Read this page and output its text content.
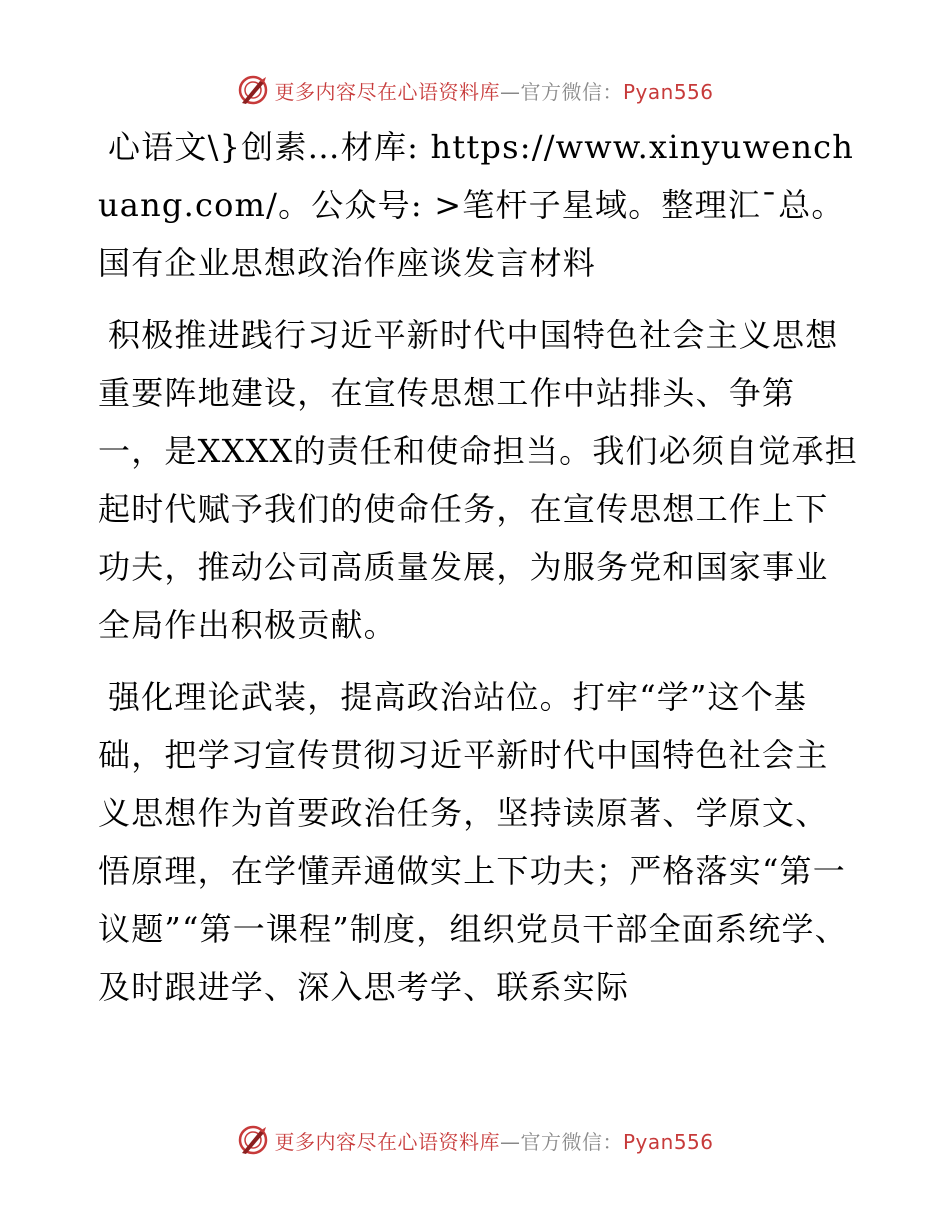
更多内容尽在心语资料库—官方微信：Pyan556

心语文\}创素…材库: https://www.xinyuwenchuang.com/。公众号: >笔杆子星域。整理汇¯总。国有企业思想政治作座谈发言材料

积极推进践行习近平新时代中国特色社会主义思想重要阵地建设，在宣传思想工作中站排头、争第一，是XXXX的责任和使命担当。我们必须自觉承担起时代赋予我们的使命任务，在宣传思想工作上下功夫，推动公司高质量发展，为服务党和国家事业全局作出积极贡献。

强化理论武装，提高政治站位。打牢“学”这个基础，把学习宣传贯彻习近平新时代中国特色社会主义思想作为首要政治任务，坚持读原著、学原文、悟原理，在学懂弄通做实上下功夫；严格落实“第一议题”“第一课程”制度，组织党员干部全面系统学、及时跟进学、深入思考学、联系实际

更多内容尽在心语资料库—官方微信：Pyan556
